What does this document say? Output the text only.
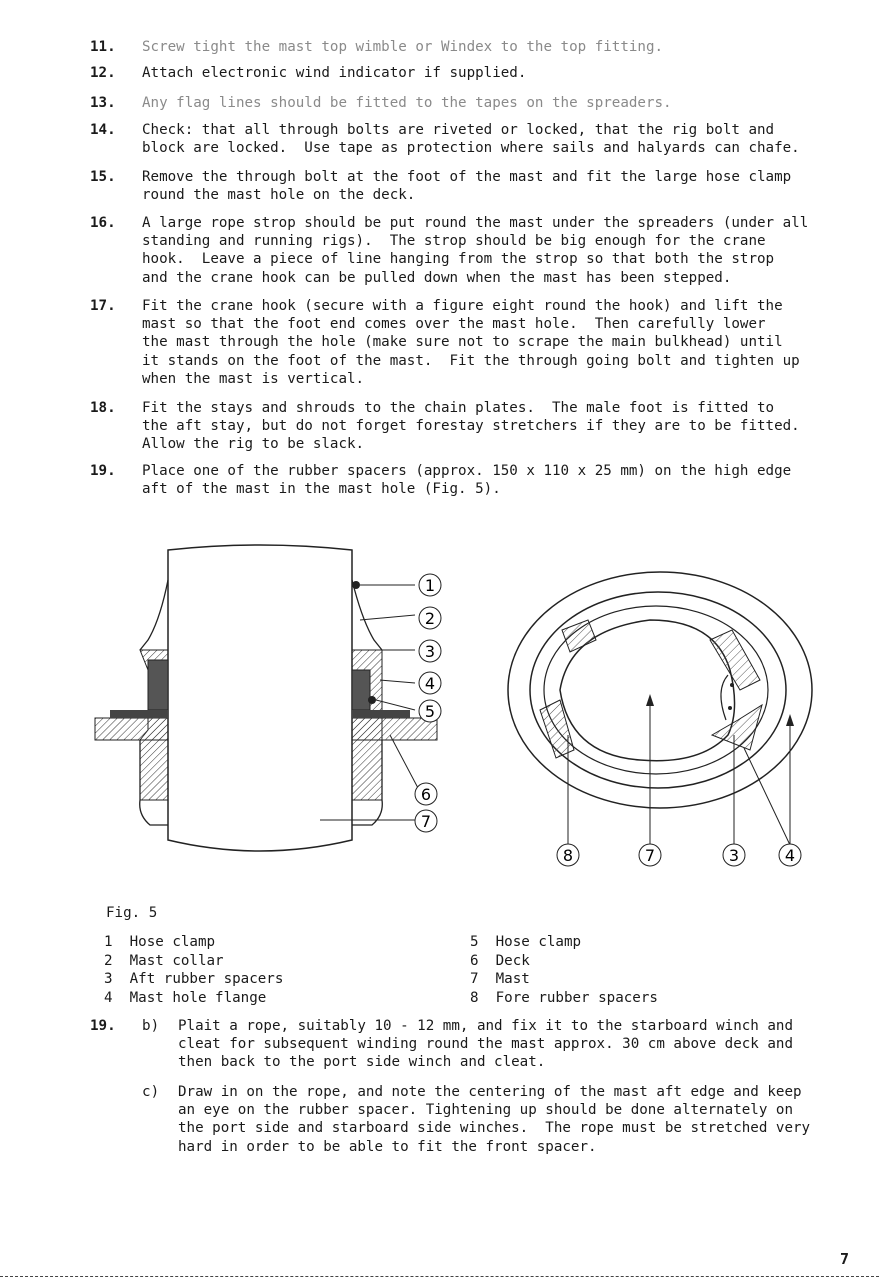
11. Screw tight the mast top wimble or Windex to the top fitting.
12. Attach electronic wind indicator if supplied.
13. Any flag lines should be fitted to the tapes on the spreaders.
14. Check: that all through bolts are riveted or locked, that the rig bolt and
block are locked.  Use tape as protection where sails and halyards can chafe.
15. Remove the through bolt at the foot of the mast and fit the large hose clamp
round the mast hole on the deck.
16. A large rope strop should be put round the mast under the spreaders (under all
standing and running rigs).  The strop should be big enough for the crane
hook.  Leave a piece of line hanging from the strop so that both the strop
and the crane hook can be pulled down when the mast has been stepped.
17. Fit the crane hook (secure with a figure eight round the hook) and lift the
mast so that the foot end comes over the mast hole.  Then carefully lower
the mast through the hole (make sure not to scrape the main bulkhead) until
it stands on the foot of the mast.  Fit the through going bolt and tighten up
when the mast is vertical.
18. Fit the stays and shrouds to the chain plates.  The male foot is fitted to
the aft stay, but do not forget forestay stretchers if they are to be fitted.
Allow the rig to be slack.
19. Place one of the rubber spacers (approx. 150 x 110 x 25 mm) on the high edge
aft of the mast in the mast hole (Fig. 5).
1
2
3
4
5
6
7
8	7	3	4
Fig. 5
1 Hose clamp
2 Mast collar
3 Aft rubber spacers
4 Mast hole flange
5 Hose clamp
6 Deck
7 Mast
8 Fore rubber spacers
19. b) Plait a rope, suitably 10 - 12 mm, and fix it to the starboard winch and
cleat for subsequent winding round the mast approx. 30 cm above deck and
then back to the port side winch and cleat.
c) Draw in on the rope, and note the centering of the mast aft edge and keep
an eye on the rubber spacer. Tightening up should be done alternately on
the port side and starboard side winches.  The rope must be stretched very
hard in order to be able to fit the front spacer.
7
